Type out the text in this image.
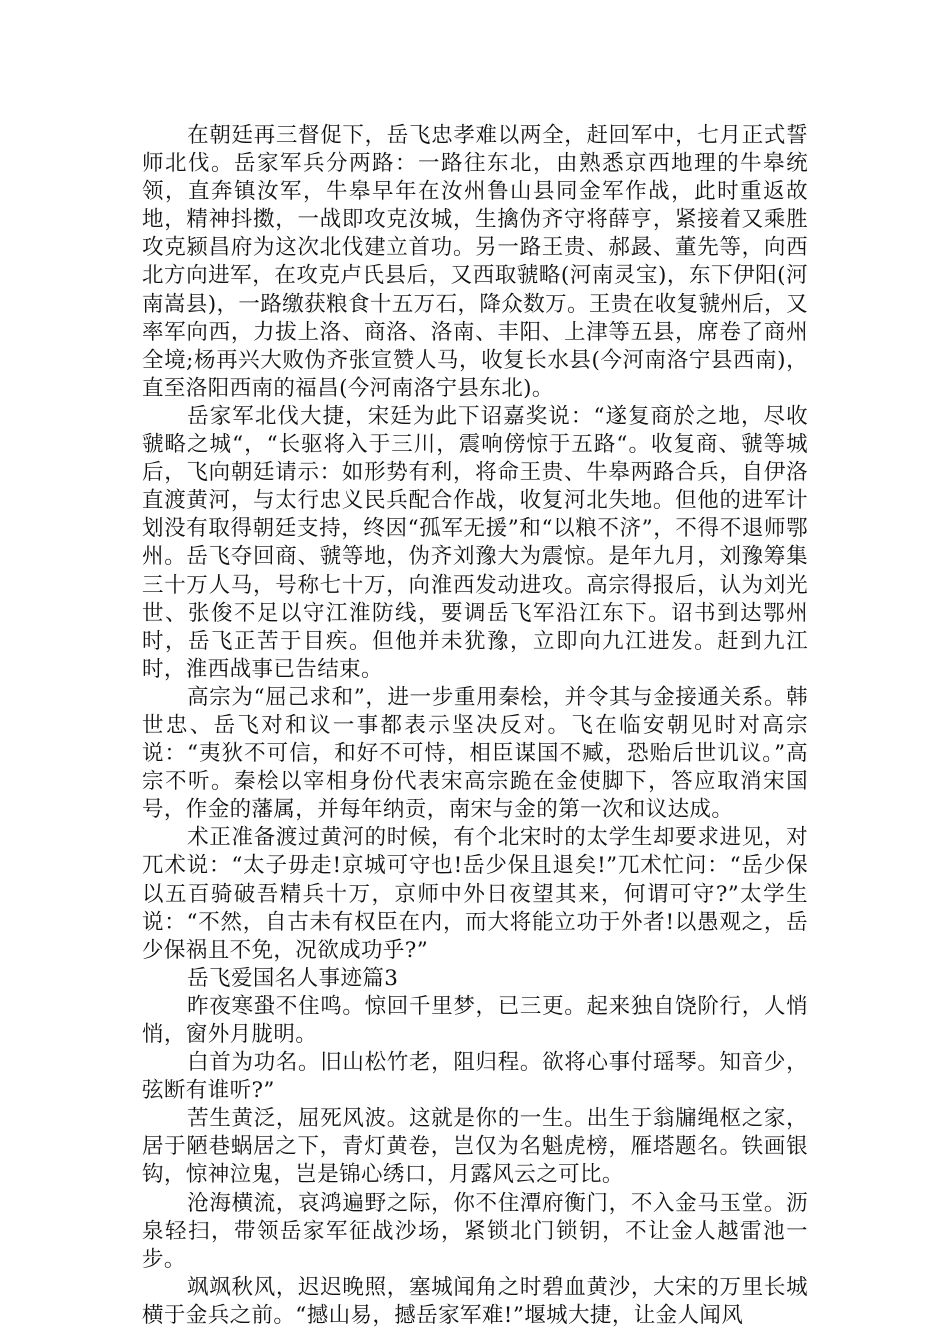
在朝廷再三督促下，岳飞忠孝难以两全，赶回军中，七月正式誓师北伐。岳家军兵分两路：一路往东北，由熟悉京西地理的牛皋统领，直奔镇汝军，牛皋早年在汝州鲁山县同金军作战，此时重返故地，精神抖擞，一战即攻克汝城，生擒伪齐守将薛亨，紧接着又乘胜攻克颍昌府为这次北伐建立首功。另一路王贵、郝晸、董先等，向西北方向进军，在攻克卢氏县后，又西取虢略(河南灵宝)，东下伊阳(河南嵩县)，一路缴获粮食十五万石，降众数万。王贵在收复虢州后，又率军向西，力拔上洛、商洛、洛南、丰阳、上津等五县，席卷了商州全境;杨再兴大败伪齐张宣赞人马，收复长水县(今河南洛宁县西南)，直至洛阳西南的福昌(今河南洛宁县东北)。

岳家军北伐大捷，宋廷为此下诏嘉奖说：“遂复商於之地，尽收虢略之城“，“长驱将入于三川，震响傍惊于五路“。收复商、虢等城后，飞向朝廷请示：如形势有利，将命王贵、牛皋两路合兵，自伊洛直渡黄河，与太行忠义民兵配合作战，收复河北失地。但他的进军计划没有取得朝廷支持，终因“孤军无援”和“以粮不济”，不得不退师鄂州。岳飞夺回商、虢等地，伪齐刘豫大为震惊。是年九月，刘豫筹集三十万人马，号称七十万，向淮西发动进攻。高宗得报后，认为刘光世、张俊不足以守江淮防线，要调岳飞军沿江东下。诏书到达鄂州时，岳飞正苦于目疾。但他并未犹豫，立即向九江进发。赶到九江时，淮西战事已告结束。

高宗为“屈己求和”，进一步重用秦桧，并令其与金接通关系。韩世忠、岳飞对和议一事都表示坚决反对。飞在临安朝见时对高宗说：“夷狄不可信，和好不可恃，相臣谋国不臧，恐贻后世讥议。”高宗不听。秦桧以宰相身份代表宋高宗跪在金使脚下，答应取消宋国号，作金的藩属，并每年纳贡，南宋与金的第一次和议达成。

术正准备渡过黄河的时候，有个北宋时的太学生却要求进见，对兀术说：“太子毋走!京城可守也!岳少保且退矣!”兀术忙问：“岳少保以五百骑破吾精兵十万，京师中外日夜望其来，何谓可守?”太学生说：“不然，自古未有权臣在内，而大将能立功于外者!以愚观之，岳少保祸且不免，况欲成功乎?”

岳飞爱国名人事迹篇3

昨夜寒蛩不住鸣。惊回千里梦，已三更。起来独自饶阶行，人悄悄，窗外月胧明。

白首为功名。旧山松竹老，阻归程。欲将心事付瑶琴。知音少，弦断有谁听?”

苦生黄泛，屈死风波。这就是你的一生。出生于翁牖绳枢之家，居于陋巷蜗居之下，青灯黄卷，岂仅为名魁虎榜，雁塔题名。铁画银钩，惊神泣鬼，岂是锦心绣口，月露风云之可比。

沧海横流，哀鸿遍野之际，你不住潭府衡门，不入金马玉堂。沥泉轻扫，带领岳家军征战沙场，紧锁北门锁钥，不让金人越雷池一步。

飒飒秋风，迟迟晚照，塞城闻角之时碧血黄沙，大宋的万里长城横于金兵之前。“撼山易，撼岳家军难!”堰城大捷，让金人闻风
